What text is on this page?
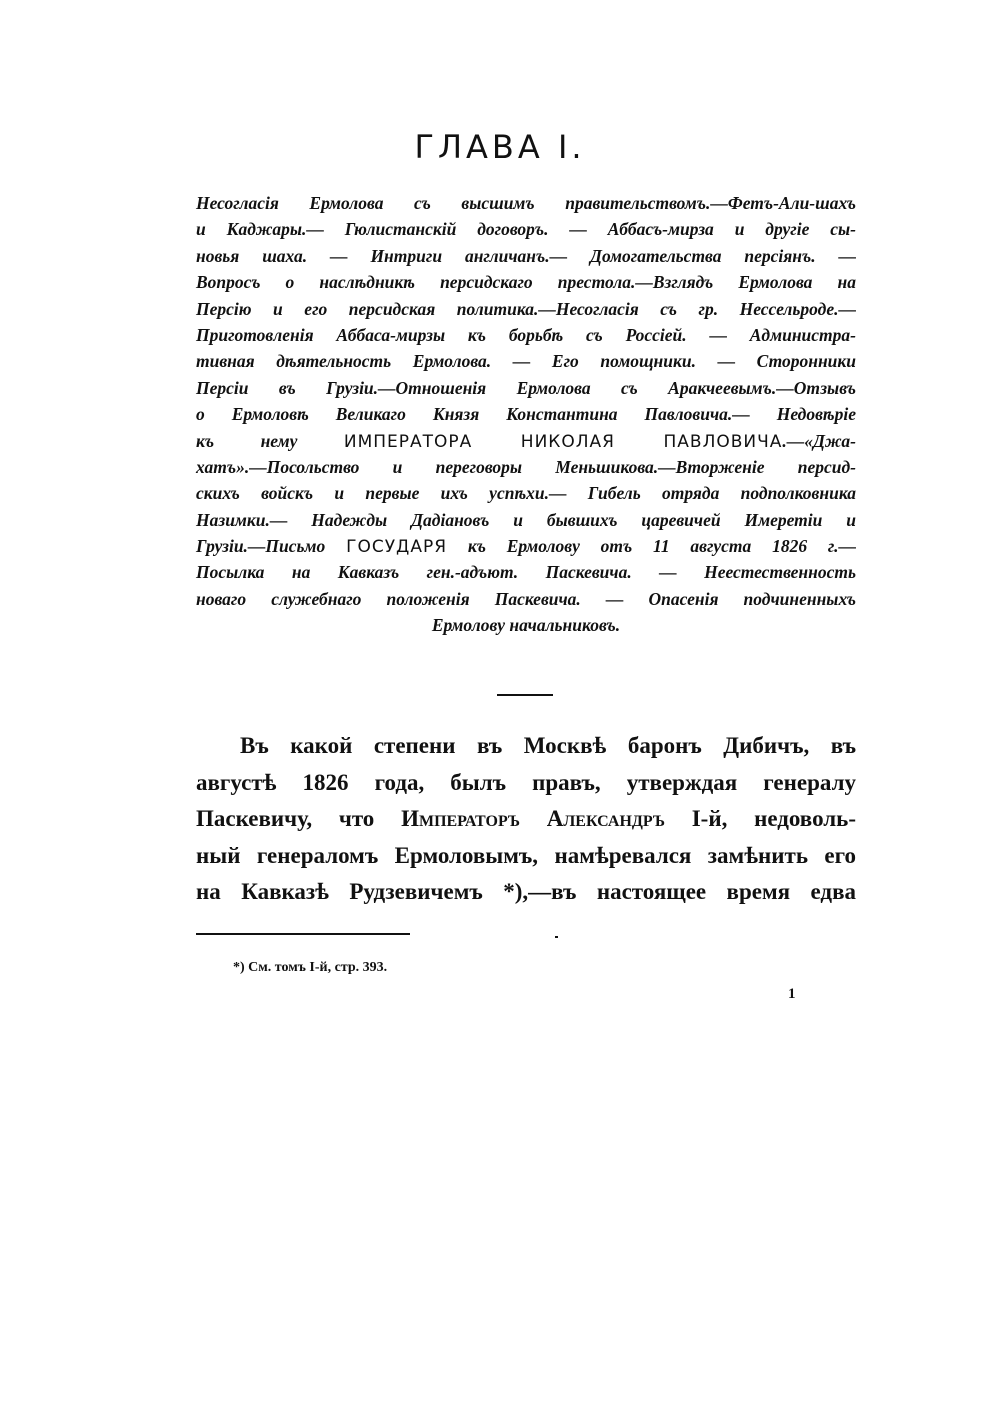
ГЛАВА I.
Несогласія Ермолова съ высшимъ правительствомъ.—Фетъ-Али-шахъ
и Каджары.— Гюлистанскій договоръ. — Аббасъ-мирза и другіе сы-
новья шаха. — Интриги англичанъ.— Домогательства персіянъ. —
Вопросъ о наслѣдникѣ персидскаго престола.—Взглядъ Ермолова на
Персію и его персидская политика.—Несогласія съ гр. Нессельроде.—
Приготовленія Аббаса-мирзы къ борьбѣ съ Россіей. — Администра-
тивная дѣятельность Ермолова. — Его помощники. — Сторонники
Персіи въ Грузіи.—Отношенія Ермолова съ Аракчеевымъ.—Отзывъ
о Ермоловѣ Великаго Князя Константина Павловича.— Недовѣріе
къ нему ИМПЕРАТОРА НИКОЛАЯ ПАВЛОВИЧА.—«Джа-
хатъ».—Посольство и переговоры Меньшикова.—Вторженіе персид-
скихъ войскъ и первые ихъ успѣхи.— Гибель отряда подполковника
Назимки.— Надежды Дадіановъ и бывшихъ царевичей Имеретіи и
Грузіи.—Письмо ГОСУДАРЯ къ Ермолову отъ 11 августа 1826 г.—
Посылка на Кавказъ ген.-адъют. Паскевича. — Неестественность
новаго служебнаго положенія Паскевича. — Опасенія подчиненныхъ
Ермолову начальниковъ.
Въ какой степени въ Москвѣ баронъ Дибичъ, въ
августѣ 1826 года, былъ правъ, утверждая генералу
Паскевичу, что Императоръ Александръ I-й, недоволь-
ный генераломъ Ермоловымъ, намѣревался замѣнить его
на Кавказѣ Рудзевичемъ *),—въ настоящее время едва
*) См. томъ I-й, стр. 393.
1
